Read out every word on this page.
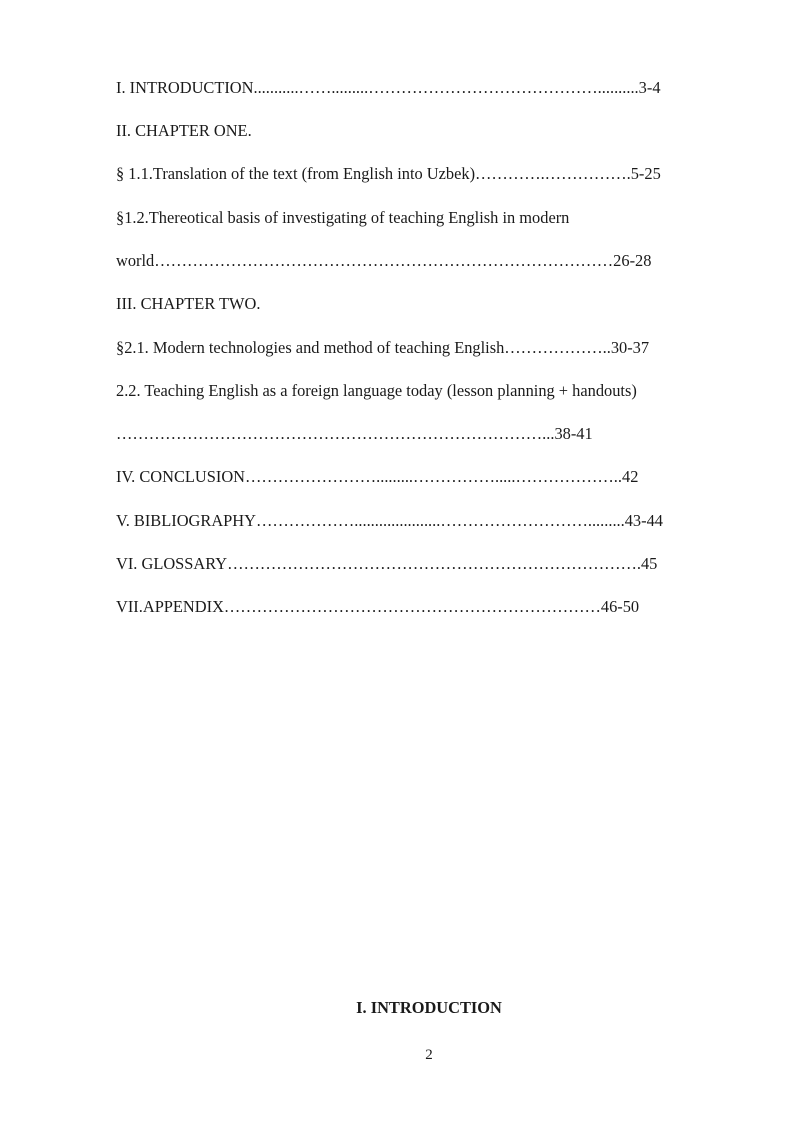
I. INTRODUCTION...........…….........……………………………………..........3-4
II. CHAPTER ONE.
§ 1.1.Translation of the text (from English into Uzbek)………….…………….5-25
§1.2.Thereotical basis of investigating of teaching English in modern
world…………………………………………………………………………26-28
III. CHAPTER TWO.
§2.1. Modern technologies and method of teaching English………………..30-37
2.2. Teaching English as a foreign language today (lesson planning + handouts)
……………………………………………………………………...38-41
IV. CONCLUSION…………………….........…………….....………………..42
V. BIBLIOGRAPHY……………….....................……………………….........43-44
VI. GLOSSARY………………………………………………………………….45
VII.APPENDIX……………………………………………………………46-50
I. INTRODUCTION
2
